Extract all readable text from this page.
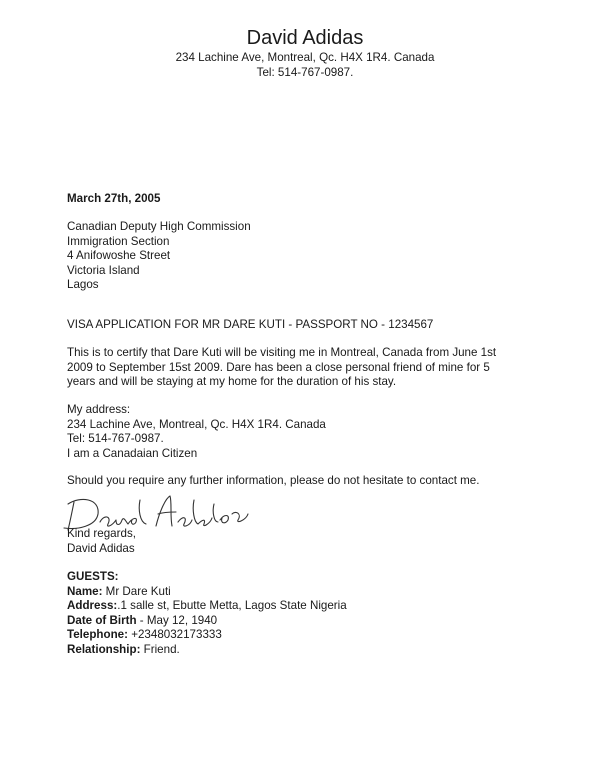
David Adidas
234 Lachine Ave, Montreal, Qc. H4X 1R4. Canada
Tel: 514-767-0987.
March 27th, 2005
Canadian Deputy High Commission
Immigration Section
4 Anifowoshe Street
Victoria Island
Lagos
VISA APPLICATION FOR MR DARE KUTI - PASSPORT NO - 1234567
This is to certify that Dare Kuti will be visiting me in Montreal, Canada from June 1st
2009 to September 15st 2009. Dare has been a close personal friend of mine for 5
years and will be staying at my home for the duration of his stay.
My address:
234 Lachine Ave, Montreal, Qc. H4X 1R4. Canada
Tel: 514-767-0987.
I am a Canadaian Citizen
Should you require any further information, please do not hesitate to contact me.
Kind regards,
David Adidas
GUESTS:
Name: Mr Dare Kuti
Address:.1 salle st, Ebutte Metta, Lagos State Nigeria
Date of Birth - May 12, 1940
Telephone: +2348032173333
Relationship: Friend.
